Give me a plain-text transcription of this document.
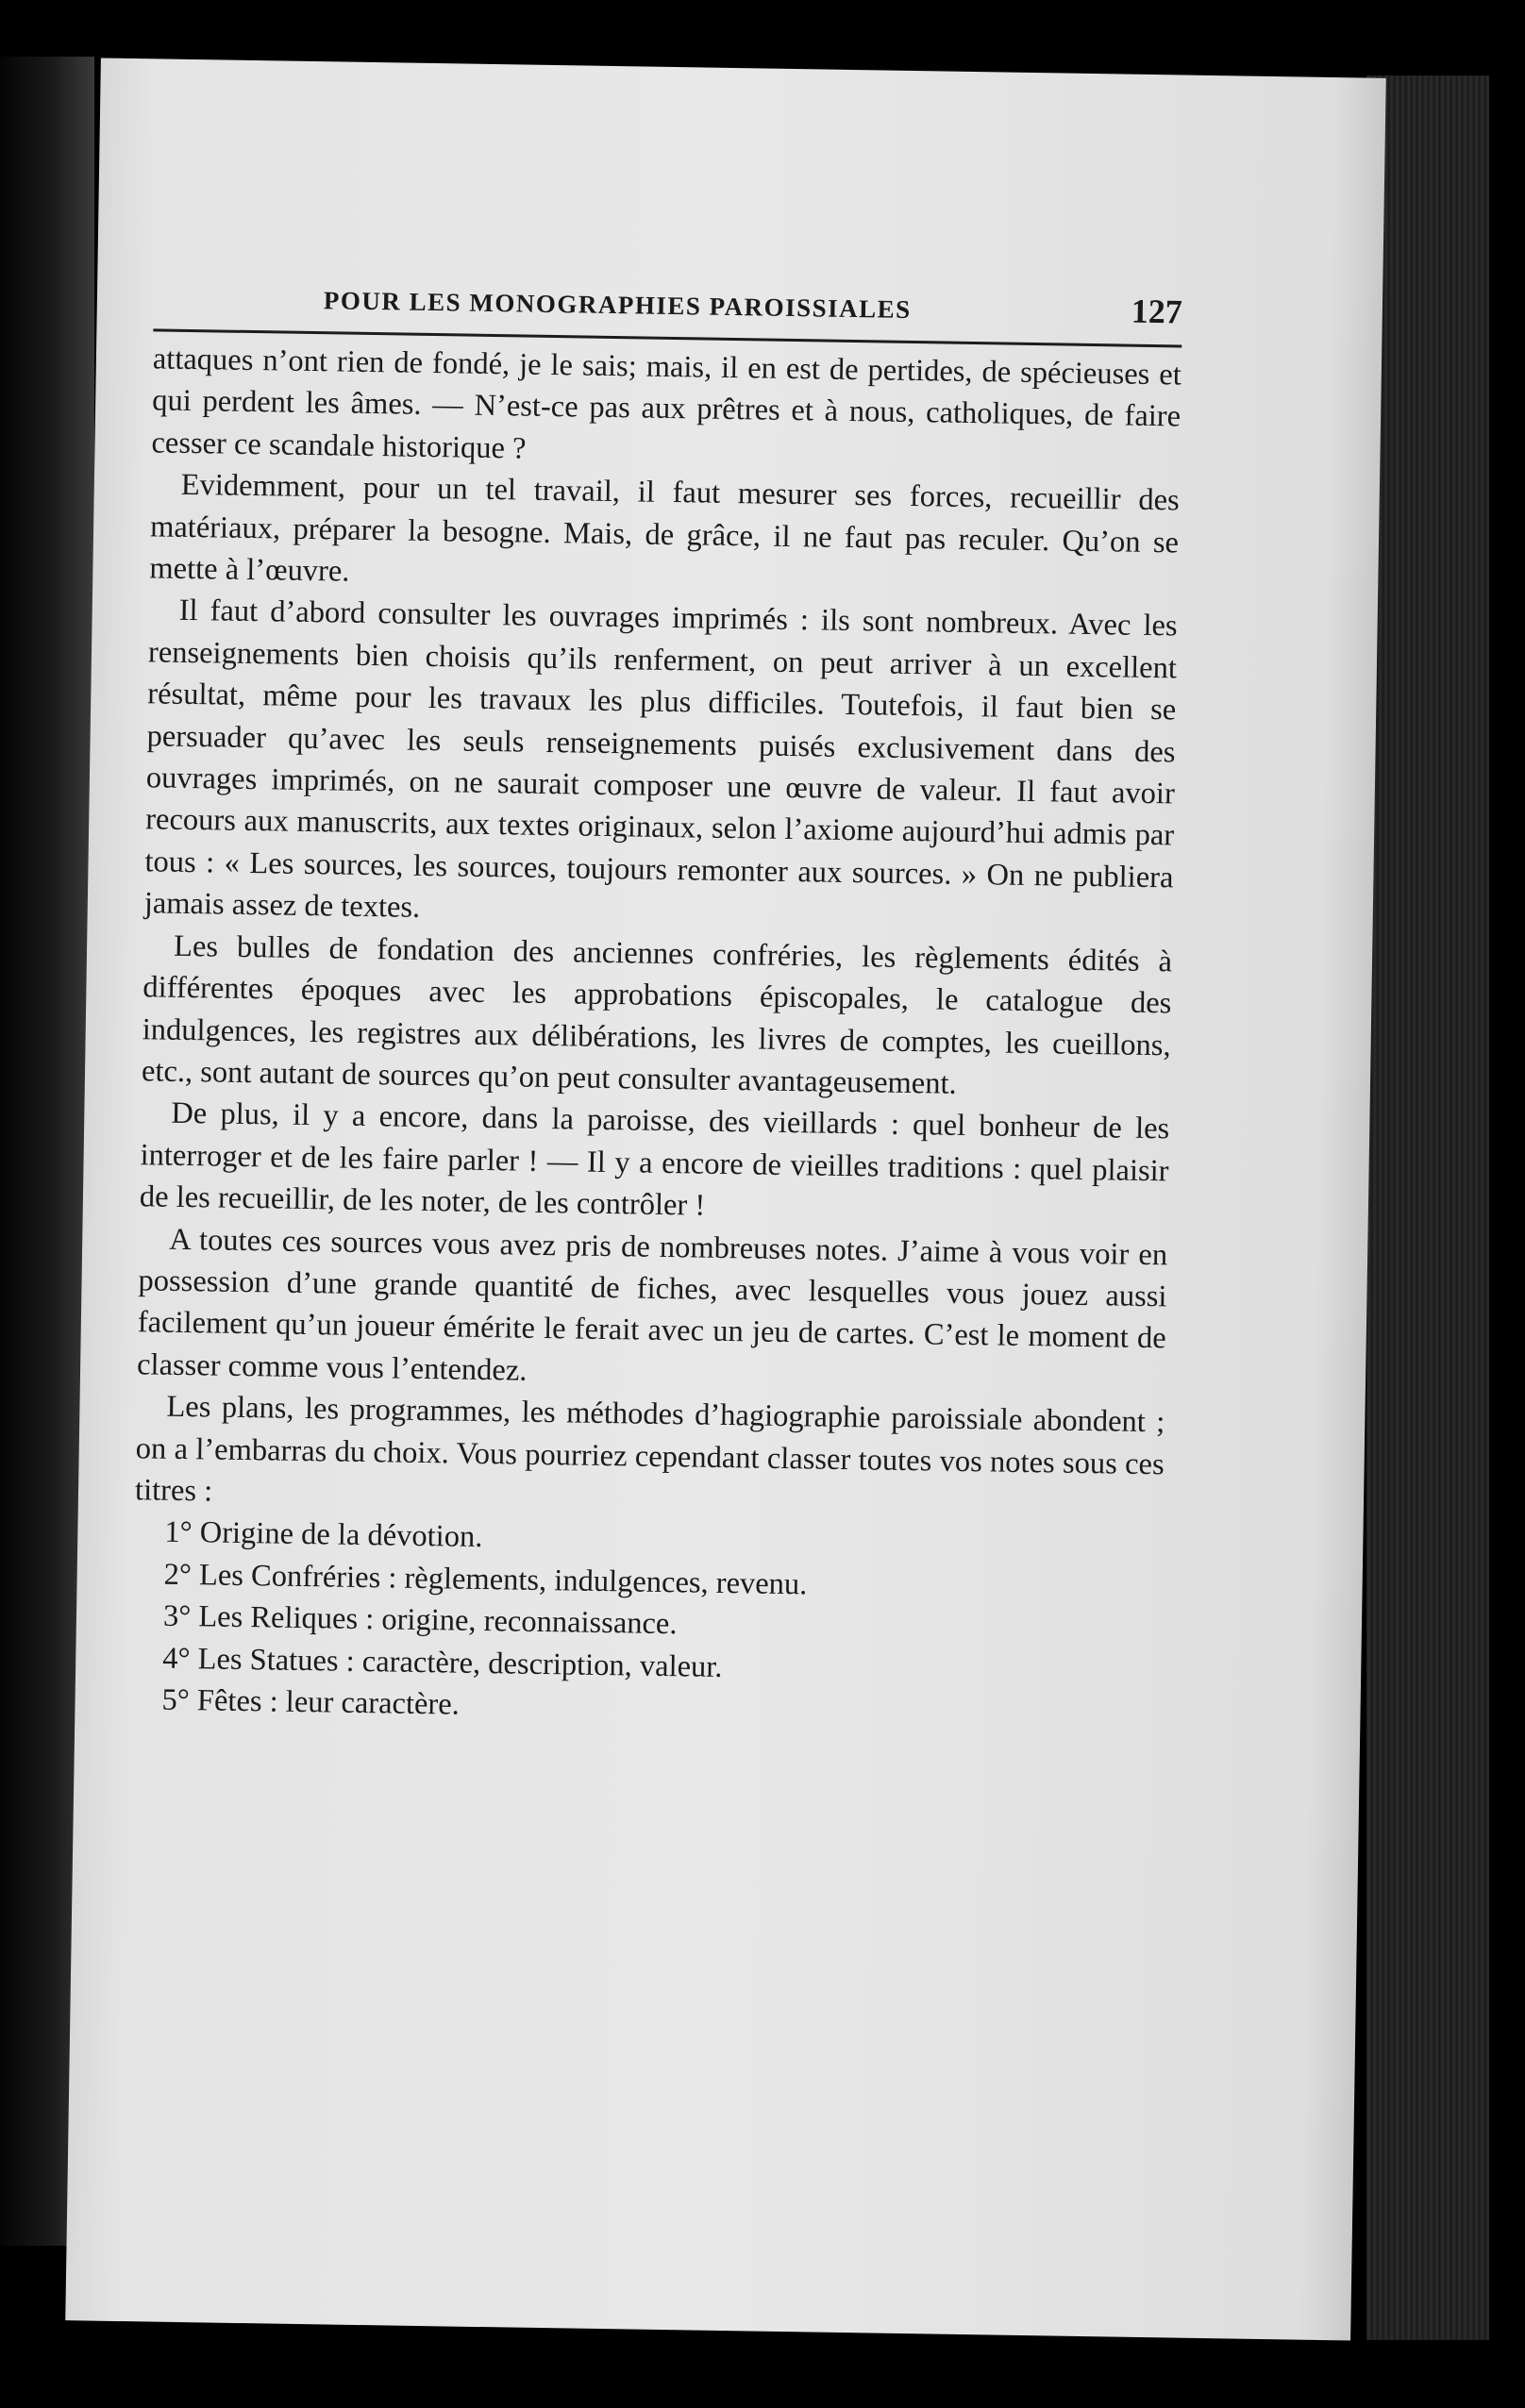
POUR LES MONOGRAPHIES PAROISSIALES	127

attaques n’ont rien de fondé, je le sais; mais, il en est de pertides, de spécieuses et qui perdent les âmes. — N’est-ce pas aux prêtres et à nous, catholiques, de faire cesser ce scandale historique ?

Evidemment, pour un tel travail, il faut mesurer ses forces, recueillir des matériaux, préparer la besogne. Mais, de grâce, il ne faut pas reculer. Qu’on se mette à l’œuvre.

Il faut d’abord consulter les ouvrages imprimés : ils sont nombreux. Avec les renseignements bien choisis qu’ils renferment, on peut arriver à un excellent résultat, même pour les travaux les plus difficiles. Toutefois, il faut bien se persuader qu’avec les seuls renseignements puisés exclusivement dans des ouvrages imprimés, on ne saurait composer une œuvre de valeur. Il faut avoir recours aux manuscrits, aux textes originaux, selon l’axiome aujourd’hui admis par tous : « Les sources, les sources, toujours remonter aux sources. » On ne publiera jamais assez de textes.

Les bulles de fondation des anciennes confréries, les règlements édités à différentes époques avec les approbations épiscopales, le catalogue des indulgences, les registres aux délibérations, les livres de comptes, les cueillons, etc., sont autant de sources qu’on peut consulter avantageusement.

De plus, il y a encore, dans la paroisse, des vieillards : quel bonheur de les interroger et de les faire parler ! — Il y a encore de vieilles traditions : quel plaisir de les recueillir, de les noter, de les contrôler !

A toutes ces sources vous avez pris de nombreuses notes. J’aime à vous voir en possession d’une grande quantité de fiches, avec lesquelles vous jouez aussi facilement qu’un joueur émérite le ferait avec un jeu de cartes. C’est le moment de classer comme vous l’entendez.

Les plans, les programmes, les méthodes d’hagiographie paroissiale abondent ; on a l’embarras du choix. Vous pourriez cependant classer toutes vos notes sous ces titres :

1° Origine de la dévotion.

2° Les Confréries : règlements, indulgences, revenu.

3° Les Reliques : origine, reconnaissance.

4° Les Statues : caractère, description, valeur.

5° Fêtes : leur caractère.
